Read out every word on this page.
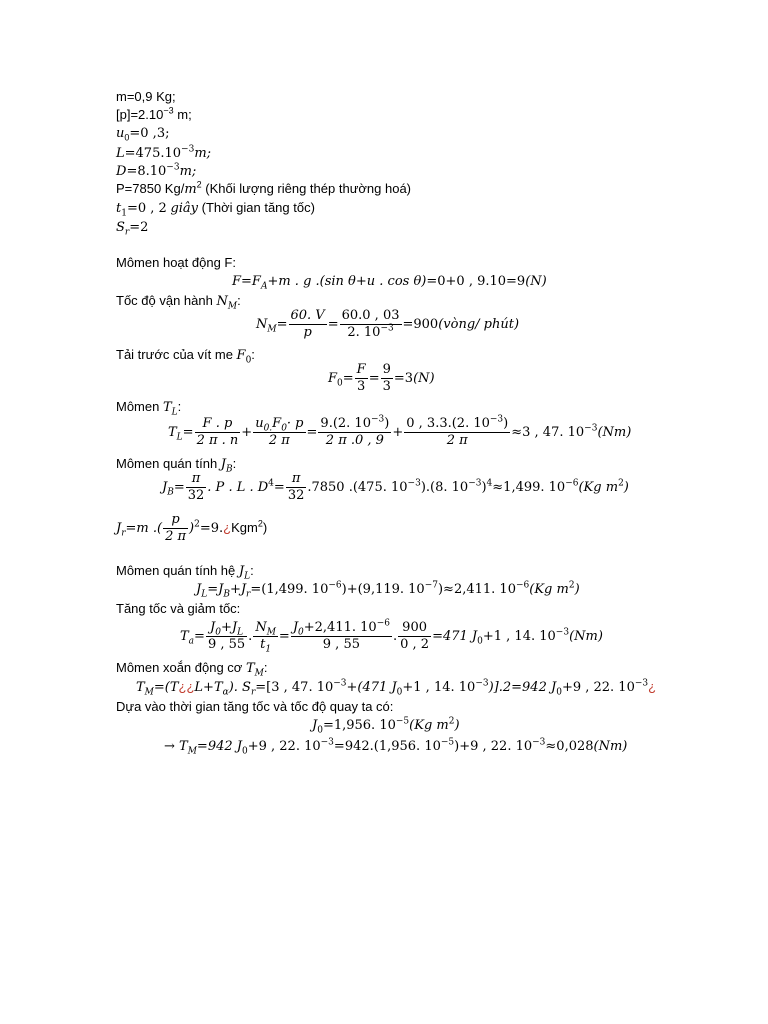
m=0,9 Kg;
$[p]=2.10^{-3}$ m;
$u_0=0$ ,3;
$L=475.10^{-3}m$;
$D=8.10^{-3}m$;
P=7850 $Kg/m^2$ (Khối lượng riêng thép thường hoá)
$t_1=0$ , 2 giây (Thời gian tăng tốc)
$S_r=2$
Mômen hoạt động F:
$F=F_A+m$ . g .(sin θ+u . cos θ)=0+0 , 9.10=9(N)
Tốc độ vận hành $N_M$:
$N_M= \frac{60. V}{p} = \frac{60.0 , 03}{2. 10^{-3}}$ =900(vòng/ phút)
Tải trước của vít me $F_0$:
$F_0= \frac{F}{3} = \frac{9}{3} =3(N)$
Mômen $T_L$:
$T_L= \frac{F . p}{2 \pi . n} + \frac{u_{0.}F_0\cdot p}{2 \pi} = \frac{9.(2. 10^{-3})}{2 \pi .0 , 9} + \frac{0 , 3.3.(2. 10^{-3})}{2 \pi} \approx 3$ , 47. $10^{-3}(Nm)$
Mômen quán tính $J_B$:
$J_B= \frac{\pi}{32}$ . P . L . $D^4= \frac{\pi}{32} .7850$ .(475. $10^{-3}).(8$. $10^{-3})^4\approx 1,499$. $10^{-6}(Kg$ $m^2$)
$J_r=m$ .( $\frac{p}{2 \pi}$ )$^2$=9.¿Kgm$^2$)
Mômen quán tính hệ $J_L$:
$J_L=J_B+J_r=(1,499$. $10^{-6})+(9,119$. $10^{-7})\approx 2,411$. $10^{-6}(Kg$ $m^2$)
Tăng tốc và giảm tốc:
$T_a= \frac{J_0+J_L}{9 , 55}$ . $\frac{N_M}{t_1} = \frac{J_0+2,411. 10^{-6}}{9 , 55}$ . $\frac{900}{0 , 2} =471$ $J_0+1$ , 14. $10^{-3}(Nm)$
Mômen xoắn động cơ $T_M$:
$T_M=(T¿¿L+T_\alpha)$. $S_r=[3$ , 47. $10^{-3}+(471$ $J_0+1$ , 14. $10^{-3})].2=942$ $J_0+9$ , 22. $10^{-3}¿$
Dựa vào thời gian tăng tốc và tốc độ quay ta có:
$J_0=1,956$. $10^{-5}(Kg$ $m^2$)
→ $T_M=942$ $J_0+9$ , 22. $10^{-3}=942.(1,956$. $10^{-5})+9$ , 22. $10^{-3}\approx 0,028(Nm)$
